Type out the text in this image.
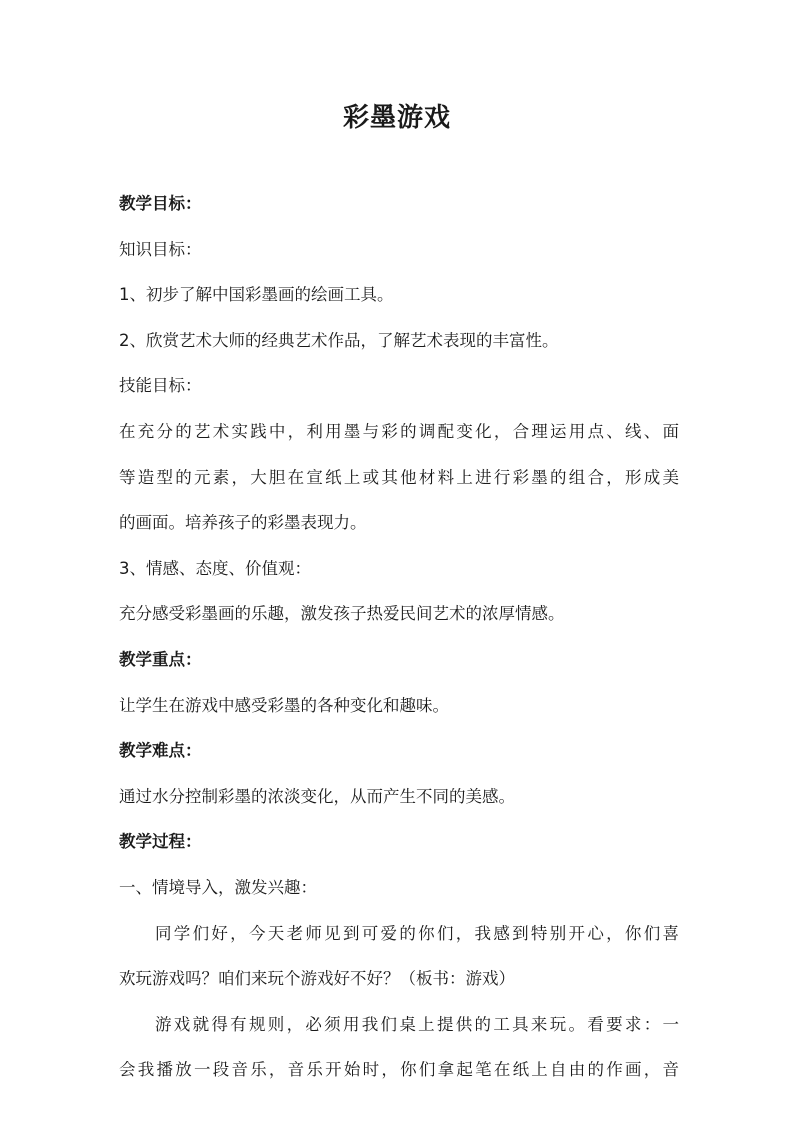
彩墨游戏
教学目标：
知识目标：
1、初步了解中国彩墨画的绘画工具。
2、欣赏艺术大师的经典艺术作品，了解艺术表现的丰富性。
技能目标：
在充分的艺术实践中，利用墨与彩的调配变化，合理运用点、线、面
等造型的元素，大胆在宣纸上或其他材料上进行彩墨的组合，形成美
的画面。培养孩子的彩墨表现力。
3、情感、态度、价值观：
充分感受彩墨画的乐趣，激发孩子热爱民间艺术的浓厚情感。
教学重点：
让学生在游戏中感受彩墨的各种变化和趣味。
教学难点：
通过水分控制彩墨的浓淡变化，从而产生不同的美感。
教学过程：
一、情境导入，激发兴趣：
同学们好，今天老师见到可爱的你们，我感到特别开心，你们喜
欢玩游戏吗？咱们来玩个游戏好不好？（板书：游戏）
游戏就得有规则，必须用我们桌上提供的工具来玩。看要求：一
会我播放一段音乐，音乐开始时，你们拿起笔在纸上自由的作画，音
